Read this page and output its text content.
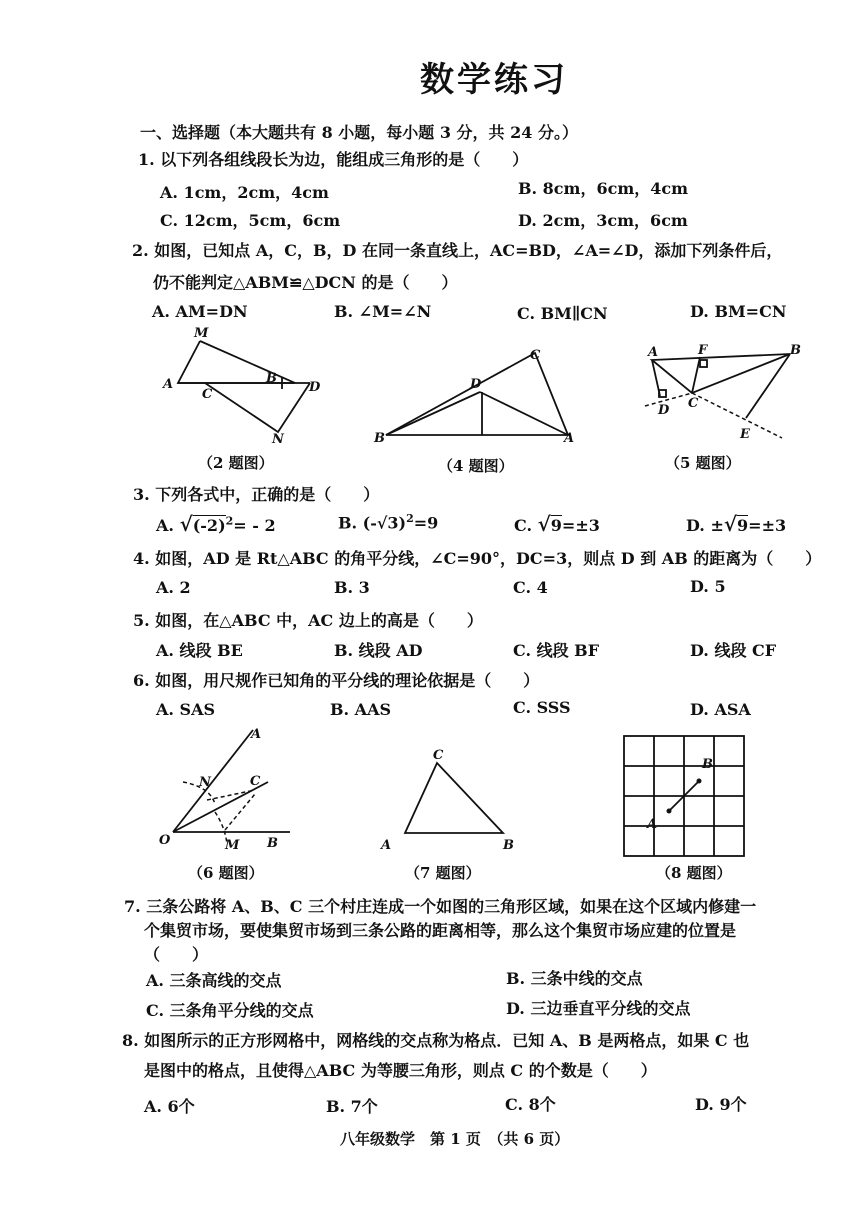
数学练习
一、选择题（本大题共有 8 小题，每小题 3 分，共 24 分。）
1. 以下列各组线段长为边，能组成三角形的是（　　）
A. 1cm，2cm，4cm	B. 8cm，6cm，4cm
C. 12cm，5cm，6cm	D. 2cm，3cm，6cm
2. 如图，已知点 A，C，B，D 在同一条直线上，AC=BD，∠A=∠D，添加下列条件后，
仍不能判定△ABM≌△DCN 的是（　　）
A. AM=DN	B. ∠M=∠N	C. BM∥CN	D. BM=CN
M
A
C
B
D
N
（2 题图）
C
D
B	A
（4 题图）
A	F	B
D C
E
（5 题图）
3. 下列各式中，正确的是（　　）
A. $√(-2)^2= - 2$	B. $(-√3)^2=9$	C. √9=±3	D. ±√9=±3
4. 如图，AD 是 Rt△ABC 的角平分线，∠C=90°，DC=3，则点 D 到 AB 的距离为（　　）
A. 2	B. 3	C. 4	D. 5
5. 如图，在△ABC 中，AC 边上的高是（　　）
A. 线段 BE	B. 线段 AD	C. 线段 BF	D. 线段 CF
6. 如图，用尺规作已知角的平分线的理论依据是（　　）
A. SAS	B. AAS	C. SSS	D. ASA
A
N	C
O	M B
（6 题图）
C
A	B
（7 题图）
B
A
（8 题图）
7. 三条公路将 A、B、C 三个村庄连成一个如图的三角形区域，如果在这个区域内修建一
个集贸市场，要使集贸市场到三条公路的距离相等，那么这个集贸市场应建的位置是
（　　）
A. 三条高线的交点	B. 三条中线的交点
C. 三条角平分线的交点	D. 三边垂直平分线的交点
8. 如图所示的正方形网格中，网格线的交点称为格点．已知 A、B 是两格点，如果 C 也
是图中的格点，且使得△ABC 为等腰三角形，则点 C 的个数是（　　）
A. 6个	B. 7个	C. 8个	D. 9个
八年级数学　第 1 页　（共 6 页）
